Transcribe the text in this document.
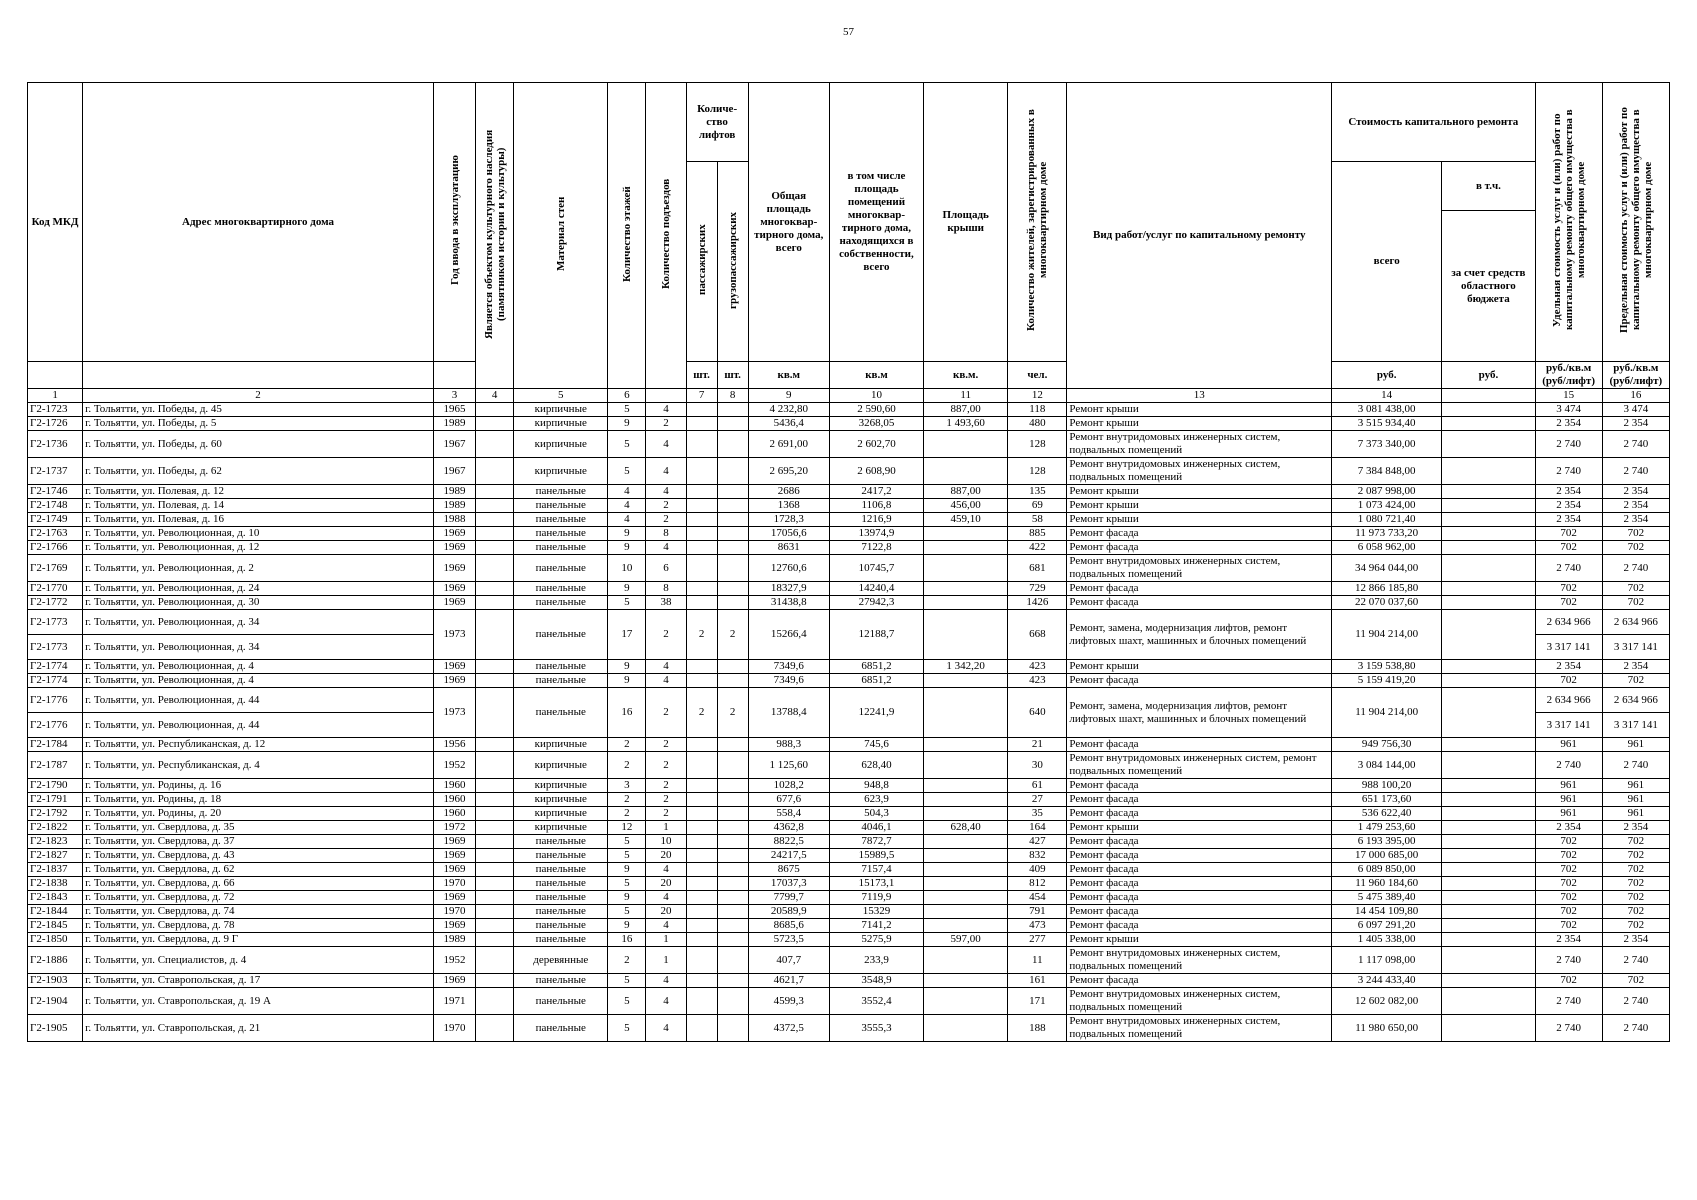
57
Код МКД	Адрес многоквартирного дома	Год ввода в эксплуатацию	Является объектом культурного наследия (памятником истории и культуры)	Материал стен	Количество этажей	Количество подъездов	Количе-ство лифтов		Общая площадь многоквар-тирного дома, всего	в том числе площадь помещений многоквар-тирного дома, находящихся в собственности, всего	Площадь крыши	Количество жителей, зарегистрированных в многоквартирном доме	Вид работ/услуг по капитальному ремонту	Стоимость капитального ремонта		Удельная стоимость услуг и (или) работ по капитальному ремонту общего имущества в многоквартирном доме	Предельная стоимость услуг и (или) работ по капитальному ремонту общего имущества в многоквартирном доме
							пассажирских	грузопассажирских						всего	в т.ч.		
															за счет средств областного бюджета		
							шт.	шт.	кв.м	кв.м	кв.м.	чел.		руб.	руб.	руб./кв.м (руб/лифт)	руб./кв.м (руб/лифт)
1	2	3	4	5	6		7	8	9	10	11	12	13	14		15	16
Г2-1723	г. Тольятти, ул. Победы, д. 45	1965		кирпичные	5	4			4 232,80	2 590,60	887,00	118	Ремонт крыши	3 081 438,00		3 474	3 474
Г2-1726	г. Тольятти, ул. Победы, д. 5	1989		кирпичные	9	2			5436,4	3268,05	1 493,60	480	Ремонт крыши	3 515 934,40		2 354	2 354
Г2-1736	г. Тольятти, ул. Победы, д. 60	1967		кирпичные	5	4			2 691,00	2 602,70		128	Ремонт внутридомовых инженерных систем, подвальных помещений	7 373 340,00		2 740	2 740
Г2-1737	г. Тольятти, ул. Победы, д. 62	1967		кирпичные	5	4			2 695,20	2 608,90		128	Ремонт внутридомовых инженерных систем, подвальных помещений	7 384 848,00		2 740	2 740
Г2-1746	г. Тольятти, ул. Полевая, д. 12	1989		панельные	4	4			2686	2417,2	887,00	135	Ремонт крыши	2 087 998,00		2 354	2 354
Г2-1748	г. Тольятти, ул. Полевая, д. 14	1989		панельные	4	2			1368	1106,8	456,00	69	Ремонт крыши	1 073 424,00		2 354	2 354
Г2-1749	г. Тольятти, ул. Полевая, д. 16	1988		панельные	4	2			1728,3	1216,9	459,10	58	Ремонт крыши	1 080 721,40		2 354	2 354
Г2-1763	г. Тольятти, ул. Революционная, д. 10	1969		панельные	9	8			17056,6	13974,9		885	Ремонт фасада	11 973 733,20		702	702
Г2-1766	г. Тольятти, ул. Революционная, д. 12	1969		панельные	9	4			8631	7122,8		422	Ремонт фасада	6 058 962,00		702	702
Г2-1769	г. Тольятти, ул. Революционная, д. 2	1969		панельные	10	6			12760,6	10745,7		681	Ремонт внутридомовых инженерных систем, подвальных помещений	34 964 044,00		2 740	2 740
Г2-1770	г. Тольятти, ул. Революционная, д. 24	1969		панельные	9	8			18327,9	14240,4		729	Ремонт фасада	12 866 185,80		702	702
Г2-1772	г. Тольятти, ул. Революционная, д. 30	1969		панельные	5	38			31438,8	27942,3		1426	Ремонт фасада	22 070 037,60		702	702
Г2-1773	г. Тольятти, ул. Революционная, д. 34	1973		панельные	17	2	2	2	15266,4	12188,7		668	Ремонт, замена, модернизация лифтов, ремонт лифтовых шахт, машинных и блочных помещений	11 904 214,00		2 634 966	2 634 966
Г2-1773	г. Тольятти, ул. Революционная, д. 34															3 317 141	3 317 141
Г2-1774	г. Тольятти, ул. Революционная, д. 4	1969		панельные	9	4			7349,6	6851,2	1 342,20	423	Ремонт крыши	3 159 538,80		2 354	2 354
Г2-1774	г. Тольятти, ул. Революционная, д. 4	1969		панельные	9	4			7349,6	6851,2		423	Ремонт фасада	5 159 419,20		702	702
Г2-1776	г. Тольятти, ул. Революционная, д. 44	1973		панельные	16	2	2	2	13788,4	12241,9		640	Ремонт, замена, модернизация лифтов, ремонт лифтовых шахт, машинных и блочных помещений	11 904 214,00		2 634 966	2 634 966
Г2-1776	г. Тольятти, ул. Революционная, д. 44															3 317 141	3 317 141
Г2-1784	г. Тольятти, ул. Республиканская, д. 12	1956		кирпичные	2	2			988,3	745,6		21	Ремонт фасада	949 756,30		961	961
Г2-1787	г. Тольятти, ул. Республиканская, д. 4	1952		кирпичные	2	2			1 125,60	628,40		30	Ремонт внутридомовых инженерных систем, ремонт подвальных помещений	3 084 144,00		2 740	2 740
Г2-1790	г. Тольятти, ул. Родины, д. 16	1960		кирпичные	3	2			1028,2	948,8		61	Ремонт фасада	988 100,20		961	961
Г2-1791	г. Тольятти, ул. Родины, д. 18	1960		кирпичные	2	2			677,6	623,9		27	Ремонт фасада	651 173,60		961	961
Г2-1792	г. Тольятти, ул. Родины, д. 20	1960		кирпичные	2	2			558,4	504,3		35	Ремонт фасада	536 622,40		961	961
Г2-1822	г. Тольятти, ул. Свердлова, д. 35	1972		кирпичные	12	1			4362,8	4046,1	628,40	164	Ремонт крыши	1 479 253,60		2 354	2 354
Г2-1823	г. Тольятти, ул. Свердлова, д. 37	1969		панельные	5	10			8822,5	7872,7		427	Ремонт фасада	6 193 395,00		702	702
Г2-1827	г. Тольятти, ул. Свердлова, д. 43	1969		панельные	5	20			24217,5	15989,5		832	Ремонт фасада	17 000 685,00		702	702
Г2-1837	г. Тольятти, ул. Свердлова, д. 62	1969		панельные	9	4			8675	7157,4		409	Ремонт фасада	6 089 850,00		702	702
Г2-1838	г. Тольятти, ул. Свердлова, д. 66	1970		панельные	5	20			17037,3	15173,1		812	Ремонт фасада	11 960 184,60		702	702
Г2-1843	г. Тольятти, ул. Свердлова, д. 72	1969		панельные	9	4			7799,7	7119,9		454	Ремонт фасада	5 475 389,40		702	702
Г2-1844	г. Тольятти, ул. Свердлова, д. 74	1970		панельные	5	20			20589,9	15329		791	Ремонт фасада	14 454 109,80		702	702
Г2-1845	г. Тольятти, ул. Свердлова, д. 78	1969		панельные	9	4			8685,6	7141,2		473	Ремонт фасада	6 097 291,20		702	702
Г2-1850	г. Тольятти, ул. Свердлова, д. 9 Г	1989		панельные	16	1			5723,5	5275,9	597,00	277	Ремонт крыши	1 405 338,00		2 354	2 354
Г2-1886	г. Тольятти, ул. Специалистов, д. 4	1952		деревянные	2	1			407,7	233,9		11	Ремонт внутридомовых инженерных систем, подвальных помещений	1 117 098,00		2 740	2 740
Г2-1903	г. Тольятти, ул. Ставропольская, д. 17	1969		панельные	5	4			4621,7	3548,9		161	Ремонт фасада	3 244 433,40		702	702
Г2-1904	г. Тольятти, ул. Ставропольская, д. 19 А	1971		панельные	5	4			4599,3	3552,4		171	Ремонт внутридомовых инженерных систем, подвальных помещений	12 602 082,00		2 740	2 740
Г2-1905	г. Тольятти, ул. Ставропольская, д. 21	1970		панельные	5	4			4372,5	3555,3		188	Ремонт внутридомовых инженерных систем, подвальных помещений	11 980 650,00		2 740	2 740
